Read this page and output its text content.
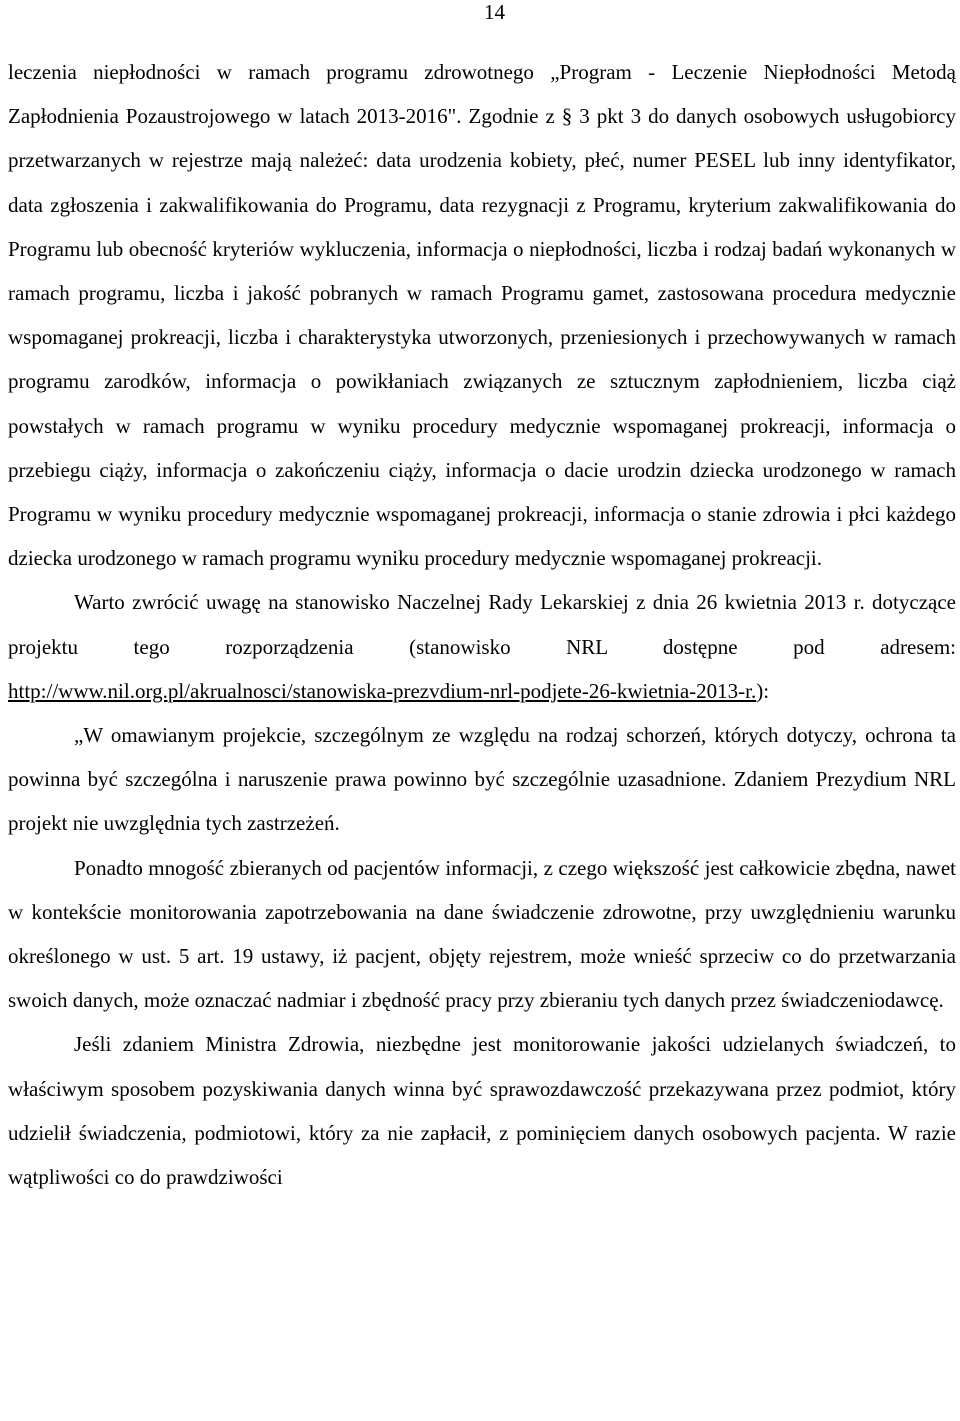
14

leczenia niepłodności w ramach programu zdrowotnego „Program - Leczenie Niepłodności Metodą Zapłodnienia Pozaustrojowego w latach 2013-2016". Zgodnie z § 3 pkt 3 do danych osobowych usługobiorcy przetwarzanych w rejestrze mają należeć: data urodzenia kobiety, płeć, numer PESEL lub inny identyfikator, data zgłoszenia i zakwalifikowania do Programu, data rezygnacji z Programu, kryterium zakwalifikowania do Programu lub obecność kryteriów wykluczenia, informacja o niepłodności, liczba i rodzaj badań wykonanych w ramach programu, liczba i jakość pobranych w ramach Programu gamet, zastosowana procedura medycznie wspomaganej prokreacji, liczba i charakterystyka utworzonych, przeniesionych i przechowywanych w ramach programu zarodków, informacja o powikłaniach związanych ze sztucznym zapłodnieniem, liczba ciąż powstałych w ramach programu w wyniku procedury medycznie wspomaganej prokreacji, informacja o przebiegu ciąży, informacja o zakończeniu ciąży, informacja o dacie urodzin dziecka urodzonego w ramach Programu w wyniku procedury medycznie wspomaganej prokreacji, informacja o stanie zdrowia i płci każdego dziecka urodzonego w ramach programu wyniku procedury medycznie wspomaganej prokreacji.

Warto zwrócić uwagę na stanowisko Naczelnej Rady Lekarskiej z dnia 26 kwietnia 2013 r. dotyczące projektu tego rozporządzenia (stanowisko NRL dostępne pod adresem: http://www.nil.org.pl/akrualnosci/stanowiska-prezvdium-nrl-podjete-26-kwietnia-2013-r.):

„W omawianym projekcie, szczególnym ze względu na rodzaj schorzeń, których dotyczy, ochrona ta powinna być szczególna i naruszenie prawa powinno być szczególnie uzasadnione. Zdaniem Prezydium NRL projekt nie uwzględnia tych zastrzeżeń.

Ponadto mnogość zbieranych od pacjentów informacji, z czego większość jest całkowicie zbędna, nawet w kontekście monitorowania zapotrzebowania na dane świadczenie zdrowotne, przy uwzględnieniu warunku określonego w ust. 5 art. 19 ustawy, iż pacjent, objęty rejestrem, może wnieść sprzeciw co do przetwarzania swoich danych, może oznaczać nadmiar i zbędność pracy przy zbieraniu tych danych przez świadczeniodawcę.

Jeśli zdaniem Ministra Zdrowia, niezbędne jest monitorowanie jakości udzielanych świadczeń, to właściwym sposobem pozyskiwania danych winna być sprawozdawczość przekazywana przez podmiot, który udzielił świadczenia, podmiotowi, który za nie zapłacił, z pominięciem danych osobowych pacjenta. W razie wątpliwości co do prawdziwości
